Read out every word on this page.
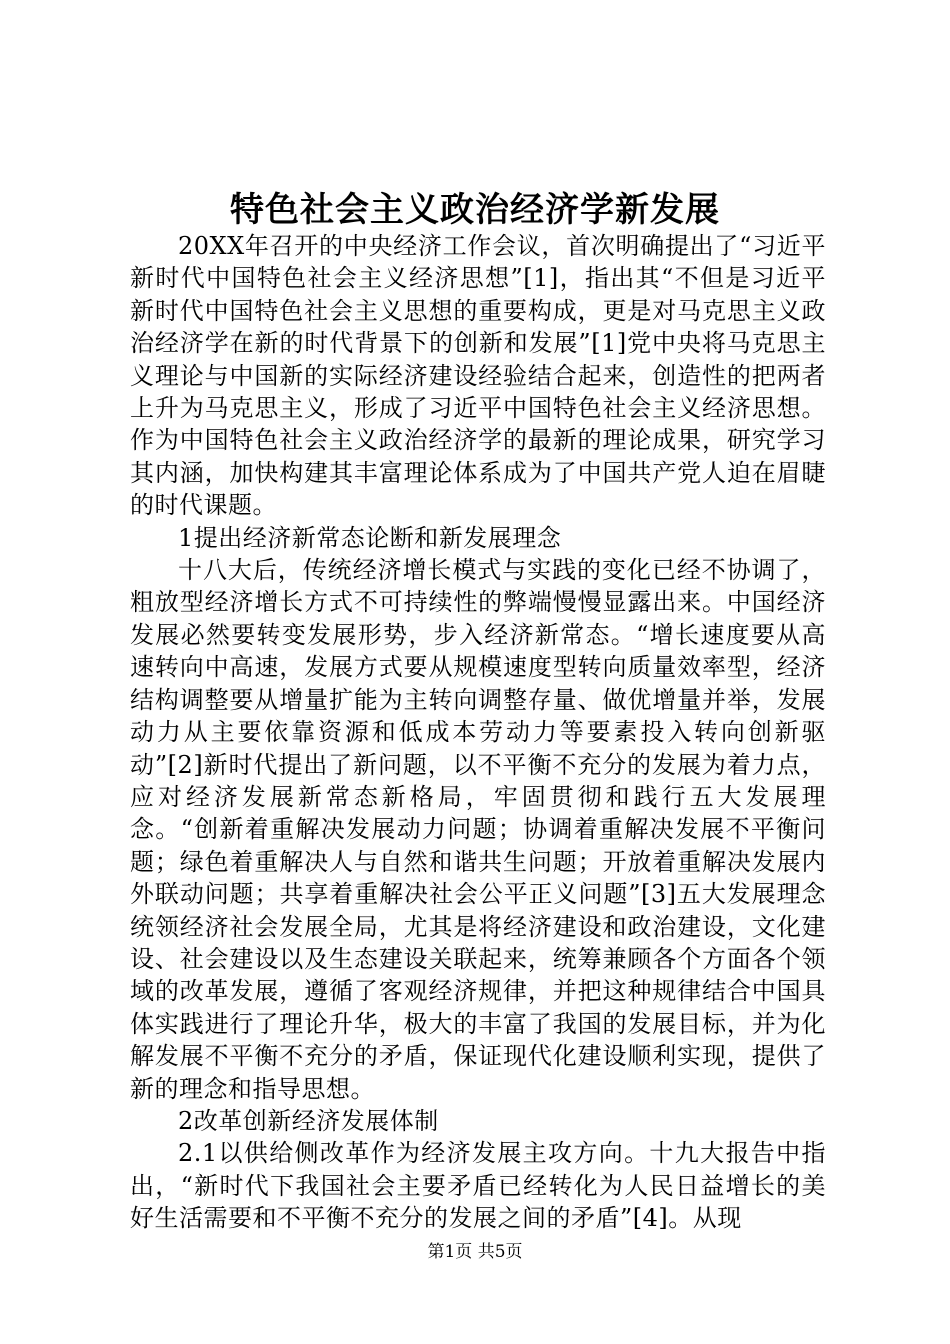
特色社会主义政治经济学新发展

20XX年召开的中央经济工作会议，首次明确提出了“习近平新时代中国特色社会主义经济思想”[1]，指出其“不但是习近平新时代中国特色社会主义思想的重要构成，更是对马克思主义政治经济学在新的时代背景下的创新和发展”[1]党中央将马克思主义理论与中国新的实际经济建设经验结合起来，创造性的把两者上升为马克思主义，形成了习近平中国特色社会主义经济思想。作为中国特色社会主义政治经济学的最新的理论成果，研究学习其内涵，加快构建其丰富理论体系成为了中国共产党人迫在眉睫的时代课题。

1提出经济新常态论断和新发展理念

十八大后，传统经济增长模式与实践的变化已经不协调了，粗放型经济增长方式不可持续性的弊端慢慢显露出来。中国经济发展必然要转变发展形势，步入经济新常态。“增长速度要从高速转向中高速，发展方式要从规模速度型转向质量效率型，经济结构调整要从增量扩能为主转向调整存量、做优增量并举，发展动力从主要依靠资源和低成本劳动力等要素投入转向创新驱动”[2]新时代提出了新问题，以不平衡不充分的发展为着力点，应对经济发展新常态新格局，牢固贯彻和践行五大发展理念。“创新着重解决发展动力问题；协调着重解决发展不平衡问题；绿色着重解决人与自然和谐共生问题；开放着重解决发展内外联动问题；共享着重解决社会公平正义问题”[3]五大发展理念统领经济社会发展全局，尤其是将经济建设和政治建设，文化建设、社会建设以及生态建设关联起来，统筹兼顾各个方面各个领域的改革发展，遵循了客观经济规律，并把这种规律结合中国具体实践进行了理论升华，极大的丰富了我国的发展目标，并为化解发展不平衡不充分的矛盾，保证现代化建设顺利实现，提供了新的理念和指导思想。

2改革创新经济发展体制

2.1以供给侧改革作为经济发展主攻方向。十九大报告中指出，“新时代下我国社会主要矛盾已经转化为人民日益增长的美好生活需要和不平衡不充分的发展之间的矛盾”[4]。从现

第1页 共5页
